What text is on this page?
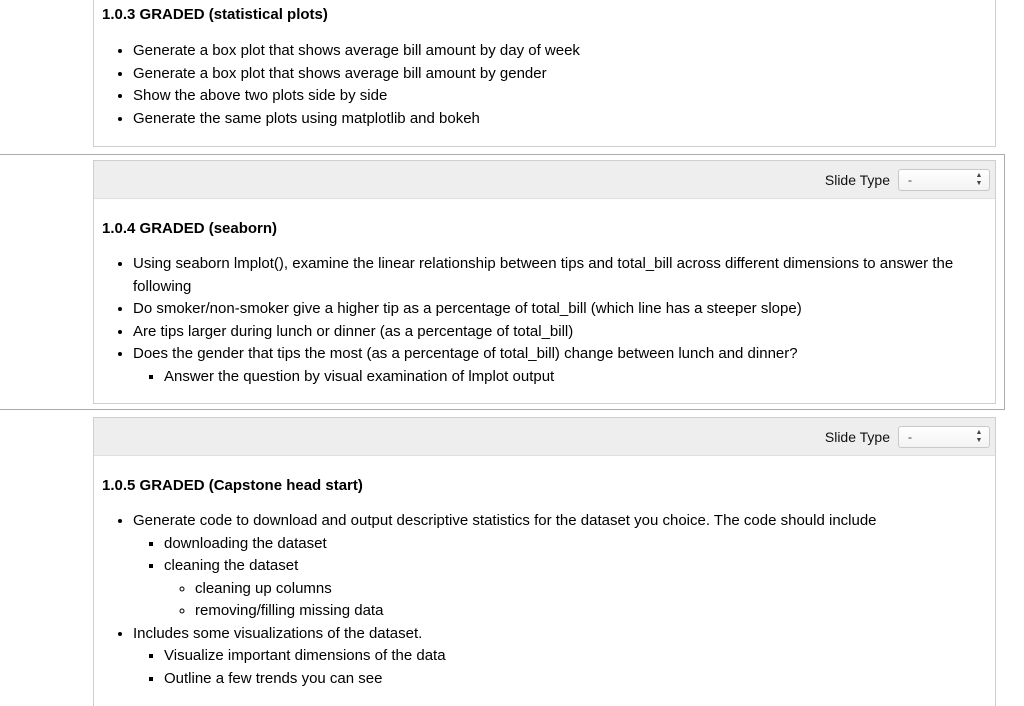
1.0.3 GRADED (statistical plots)
• Generate a box plot that shows average bill amount by day of week
• Generate a box plot that shows average bill amount by gender
• Show the above two plots side by side
• Generate the same plots using matplotlib and bokeh
Slide Type -	▲
▼
1.0.4 GRADED (seaborn)
• Using seaborn lmplot(), examine the linear relationship between tips and total_bill across different dimensions to answer the following
• Do smoker/non-smoker give a higher tip as a percentage of total_bill (which line has a steeper slope)
• Are tips larger during lunch or dinner (as a percentage of total_bill)
• Does the gender that tips the most (as a percentage of total_bill) change between lunch and dinner?
▪ Answer the question by visual examination of lmplot output
Slide Type -	▲
▼
1.0.5 GRADED (Capstone head start)
• Generate code to download and output descriptive statistics for the dataset you choice. The code should include
▪ downloading the dataset
▪ cleaning the dataset
◦ cleaning up columns
◦ removing/filling missing data
• Includes some visualizations of the dataset.
▪ Visualize important dimensions of the data
▪ Outline a few trends you can see
